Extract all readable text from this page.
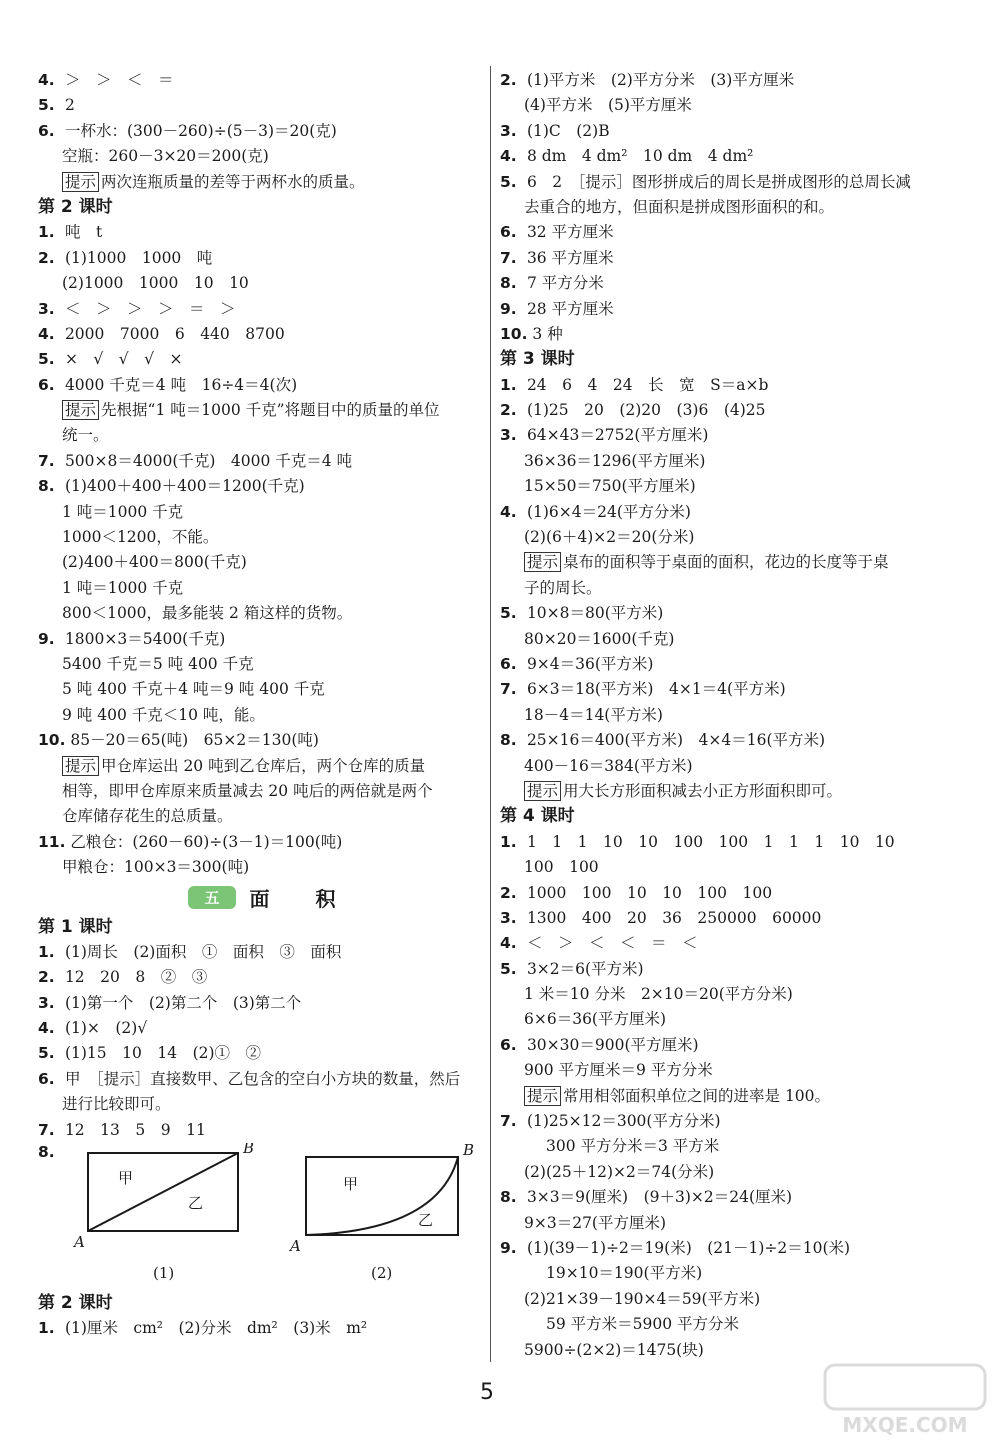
4. ＞　＞　＜　＝
5. 2
6. 一杯水：(300－260)÷(5－3)＝20(克)
空瓶：260－3×20＝200(克)
提示 两次连瓶质量的差等于两杯水的质量。
第 2 课时
1. 吨　t
2. (1)1000　1000　吨
(2)1000　1000　10　10
3. ＜　＞　＞　＞　＝　＞
4. 2000　7000　6　440　8700
5. ×　√　√　√　×
6. 4000 千克＝4 吨　16÷4＝4(次)
提示 先根据“1 吨＝1000 千克”将题目中的质量的单位
统一。
7. 500×8＝4000(千克)　4000 千克＝4 吨
8. (1)400＋400＋400＝1200(千克)
1 吨＝1000 千克
1000＜1200，不能。
(2)400＋400＝800(千克)
1 吨＝1000 千克
800＜1000，最多能装 2 箱这样的货物。
9. 1800×3＝5400(千克)
5400 千克＝5 吨 400 千克
5 吨 400 千克＋4 吨＝9 吨 400 千克
9 吨 400 千克＜10 吨，能。
10. 85－20＝65(吨)　65×2＝130(吨)
提示 甲仓库运出 20 吨到乙仓库后，两个仓库的质量
相等，即甲仓库原来质量减去 20 吨后的两倍就是两个
仓库储存花生的总质量。
11. 乙粮仓：(260－60)÷(3－1)＝100(吨)
甲粮仓：100×3＝300(吨)
五	面　　积
第 1 课时
1. (1)周长　(2)面积　①　面积　③　面积
2. 12　20　8　②　③
3. (1)第一个　(2)第二个　(3)第二个
4. (1)×　(2)√
5. (1)15　10　14　(2)①　②
6. 甲　［提示］直接数甲、乙包含的空白小方块的数量，然后
进行比较即可。
7. 12　13　5　9　11
8.
甲
乙
A
B
(1)
甲
乙
A
B
(2)
第 2 课时
1. (1)厘米　cm²　(2)分米　dm²　(3)米　m²
2. (1)平方米　(2)平方分米　(3)平方厘米
(4)平方米　(5)平方厘米
3. (1)C　(2)B
4. 8 dm　4 dm²　10 dm　4 dm²
5. 6　2　［提示］图形拼成后的周长是拼成图形的总周长减
去重合的地方，但面积是拼成图形面积的和。
6. 32 平方厘米
7. 36 平方厘米
8. 7 平方分米
9. 28 平方厘米
10. 3 种
第 3 课时
1. 24　6　4　24　长　宽　S＝a×b
2. (1)25　20　(2)20　(3)6　(4)25
3. 64×43＝2752(平方厘米)
36×36＝1296(平方厘米)
15×50＝750(平方厘米)
4. (1)6×4＝24(平方分米)
(2)(6＋4)×2＝20(分米)
提示 桌布的面积等于桌面的面积，花边的长度等于桌
子的周长。
5. 10×8＝80(平方米)
80×20＝1600(千克)
6. 9×4＝36(平方米)
7. 6×3＝18(平方米)　4×1＝4(平方米)
18－4＝14(平方米)
8. 25×16＝400(平方米)　4×4＝16(平方米)
400－16＝384(平方米)
提示 用大长方形面积减去小正方形面积即可。
第 4 课时
1. 1　1　1　10　10　100　100　1　1　1　10　10
100　100
2. 1000　100　10　10　100　100
3. 1300　400　20　36　250000　60000
4. ＜　＞　＜　＜　＝　＜
5. 3×2＝6(平方米)
1 米＝10 分米　2×10＝20(平方分米)
6×6＝36(平方厘米)
6. 30×30＝900(平方厘米)
900 平方厘米＝9 平方分米
提示 常用相邻面积单位之间的进率是 100。
7. (1)25×12＝300(平方分米)
300 平方分米＝3 平方米
(2)(25＋12)×2＝74(分米)
8. 3×3＝9(厘米)　(9＋3)×2＝24(厘米)
9×3＝27(平方厘米)
9. (1)(39－1)÷2＝19(米)　(21－1)÷2＝10(米)
19×10＝190(平方米)
(2)21×39－190×4＝59(平方米)
59 平方米＝5900 平方分米
5900÷(2×2)＝1475(块)
5
MXQE.COM
